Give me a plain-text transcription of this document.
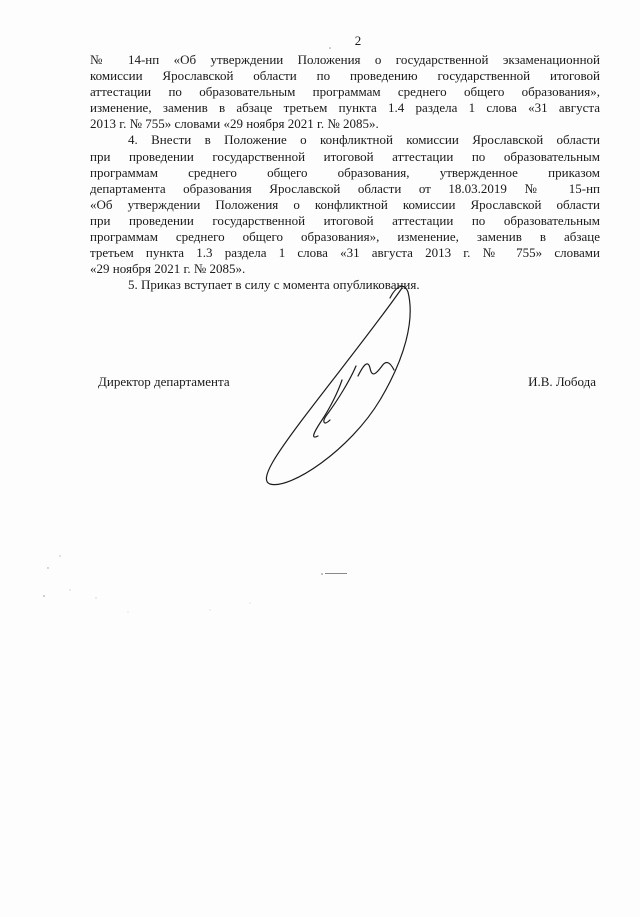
2
№ 14-нп «Об утверждении Положения о государственной экзаменационной
комиссии Ярославской области по проведению государственной итоговой
аттестации по образовательным программам среднего общего образования»,
изменение, заменив в абзаце третьем пункта 1.4 раздела 1 слова «31 августа
2013 г. № 755» словами «29 ноября 2021 г. № 2085».
4. Внести в Положение о конфликтной комиссии Ярославской области
при проведении государственной итоговой аттестации по образовательным
программам среднего общего образования, утвержденное приказом
департамента образования Ярославской области от 18.03.2019 № 15-нп
«Об утверждении Положения о конфликтной комиссии Ярославской области
при проведении государственной итоговой аттестации по образовательным
программам среднего общего образования», изменение, заменив в абзаце
третьем пункта 1.3 раздела 1 слова «31 августа 2013 г. № 755» словами
«29 ноября 2021 г. № 2085».
5. Приказ вступает в силу с момента опубликования.
Директор департамента	И.В. Лобода
